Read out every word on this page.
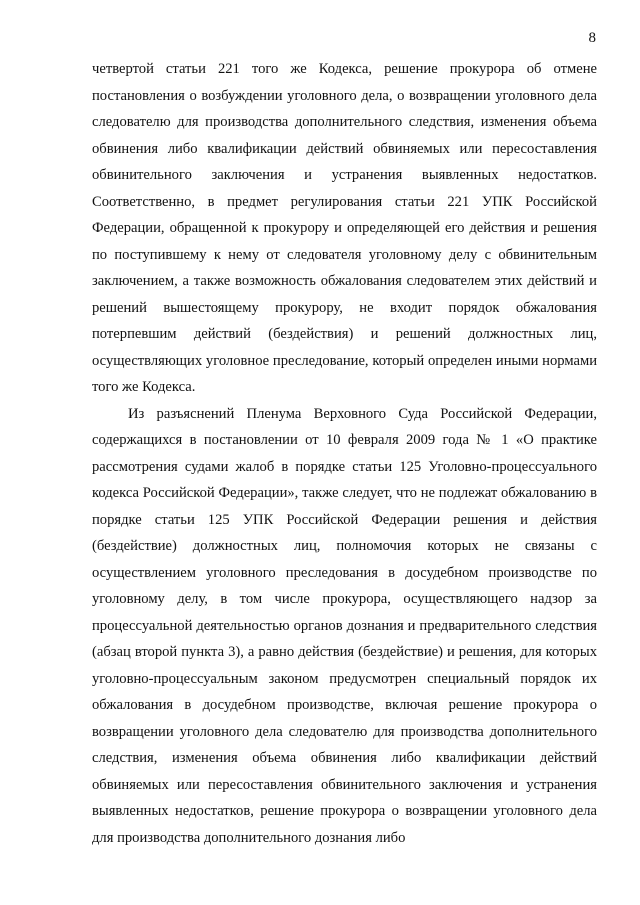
8

четвертой статьи 221 того же Кодекса, решение прокурора об отмене постановления о возбуждении уголовного дела, о возвращении уголовного дела следователю для производства дополнительного следствия, изменения объема обвинения либо квалификации действий обвиняемых или пересоставления обвинительного заключения и устранения выявленных недостатков. Соответственно, в предмет регулирования статьи 221 УПК Российской Федерации, обращенной к прокурору и определяющей его действия и решения по поступившему к нему от следователя уголовному делу с обвинительным заключением, а также возможность обжалования следователем этих действий и решений вышестоящему прокурору, не входит порядок обжалования потерпевшим действий (бездействия) и решений должностных лиц, осуществляющих уголовное преследование, который определен иными нормами того же Кодекса.

Из разъяснений Пленума Верховного Суда Российской Федерации, содержащихся в постановлении от 10 февраля 2009 года № 1 «О практике рассмотрения судами жалоб в порядке статьи 125 Уголовно-процессуального кодекса Российской Федерации», также следует, что не подлежат обжалованию в порядке статьи 125 УПК Российской Федерации решения и действия (бездействие) должностных лиц, полномочия которых не связаны с осуществлением уголовного преследования в досудебном производстве по уголовному делу, в том числе прокурора, осуществляющего надзор за процессуальной деятельностью органов дознания и предварительного следствия (абзац второй пункта 3), а равно действия (бездействие) и решения, для которых уголовно-процессуальным законом предусмотрен специальный порядок их обжалования в досудебном производстве, включая решение прокурора о возвращении уголовного дела следователю для производства дополнительного следствия, изменения объема обвинения либо квалификации действий обвиняемых или пересоставления обвинительного заключения и устранения выявленных недостатков, решение прокурора о возвращении уголовного дела для производства дополнительного дознания либо
